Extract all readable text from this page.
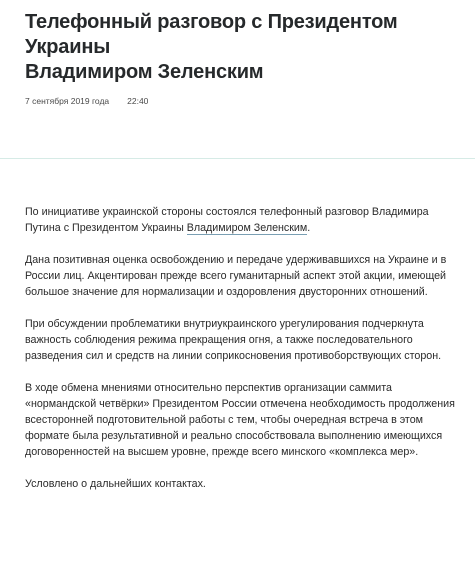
Телефонный разговор с Президентом Украины
Владимиром Зеленским
7 сентября 2019 года 22:40

По инициативе украинской стороны состоялся телефонный разговор Владимира Путина с Президентом Украины Владимиром Зеленским.

Дана позитивная оценка освобождению и передаче удерживавшихся на Украине и в России лиц. Акцентирован прежде всего гуманитарный аспект этой акции, имеющей большое значение для нормализации и оздоровления двусторонних отношений.

При обсуждении проблематики внутриукраинского урегулирования подчеркнута важность соблюдения режима прекращения огня, а также последовательного разведения сил и средств на линии соприкосновения противоборствующих сторон.

В ходе обмена мнениями относительно перспектив организации саммита «нормандской четвёрки» Президентом России отмечена необходимость продолжения всесторонней подготовительной работы с тем, чтобы очередная встреча в этом формате была результативной и реально способствовала выполнению имеющихся договоренностей на высшем уровне, прежде всего минского «комплекса мер».

Условлено о дальнейших контактах.
